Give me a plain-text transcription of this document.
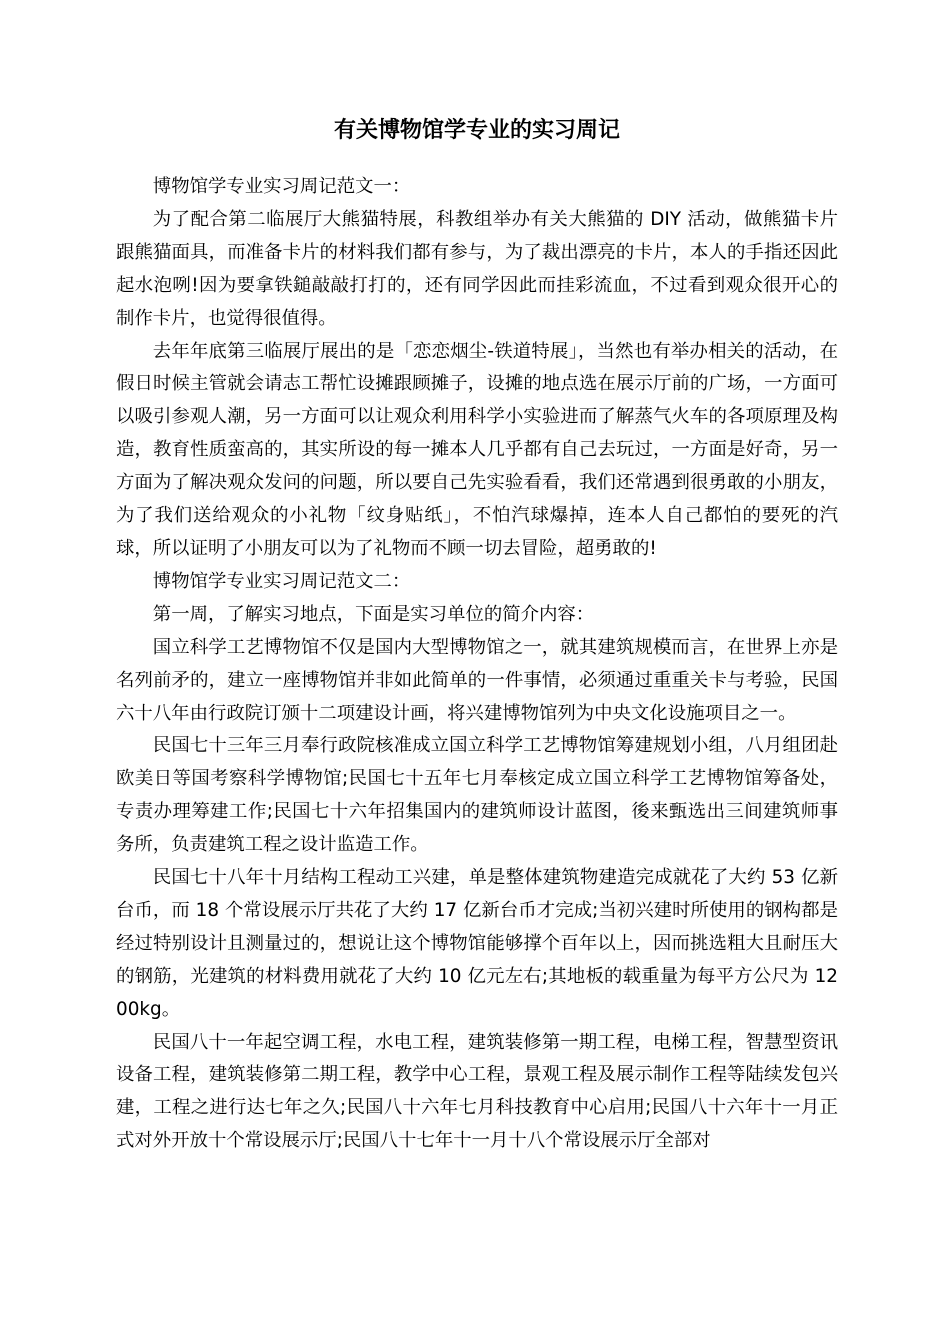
有关博物馆学专业的实习周记

博物馆学专业实习周记范文一：

为了配合第二临展厅大熊猫特展，科教组举办有关大熊猫的 DIY 活动，做熊猫卡片跟熊猫面具，而准备卡片的材料我们都有参与，为了裁出漂亮的卡片，本人的手指还因此起水泡咧!因为要拿铁鎚敲敲打打的，还有同学因此而挂彩流血，不过看到观众很开心的制作卡片，也觉得很值得。

去年年底第三临展厅展出的是「恋恋烟尘-铁道特展」，当然也有举办相关的活动，在假日时候主管就会请志工帮忙设摊跟顾摊子，设摊的地点选在展示厅前的广场，一方面可以吸引参观人潮，另一方面可以让观众利用科学小实验进而了解蒸气火车的各项原理及构造，教育性质蛮高的，其实所设的每一摊本人几乎都有自己去玩过，一方面是好奇，另一方面为了解决观众发问的问题，所以要自己先实验看看，我们还常遇到很勇敢的小朋友，为了我们送给观众的小礼物「纹身贴纸」，不怕汽球爆掉，连本人自己都怕的要死的汽球，所以证明了小朋友可以为了礼物而不顾一切去冒险，超勇敢的!

博物馆学专业实习周记范文二：

第一周，了解实习地点，下面是实习单位的简介内容：

国立科学工艺博物馆不仅是国内大型博物馆之一，就其建筑规模而言，在世界上亦是名列前矛的，建立一座博物馆并非如此简单的一件事情，必须通过重重关卡与考验，民国六十八年由行政院订颁十二项建设计画，将兴建博物馆列为中央文化设施项目之一。

民国七十三年三月奉行政院核准成立国立科学工艺博物馆筹建规划小组，八月组团赴欧美日等国考察科学博物馆;民国七十五年七月奉核定成立国立科学工艺博物馆筹备处，专责办理筹建工作;民国七十六年招集国内的建筑师设计蓝图，後来甄选出三间建筑师事务所，负责建筑工程之设计监造工作。

民国七十八年十月结构工程动工兴建，单是整体建筑物建造完成就花了大约 53 亿新台币，而 18 个常设展示厅共花了大约 17 亿新台币才完成;当初兴建时所使用的钢构都是经过特别设计且测量过的，想说让这个博物馆能够撑个百年以上，因而挑选粗大且耐压大的钢筋，光建筑的材料费用就花了大约 10 亿元左右;其地板的载重量为每平方公尺为 1200kg。

民国八十一年起空调工程，水电工程，建筑装修第一期工程，电梯工程，智慧型资讯设备工程，建筑装修第二期工程，教学中心工程，景观工程及展示制作工程等陆续发包兴建，工程之进行达七年之久;民国八十六年七月科技教育中心启用;民国八十六年十一月正式对外开放十个常设展示厅;民国八十七年十一月十八个常设展示厅全部对
